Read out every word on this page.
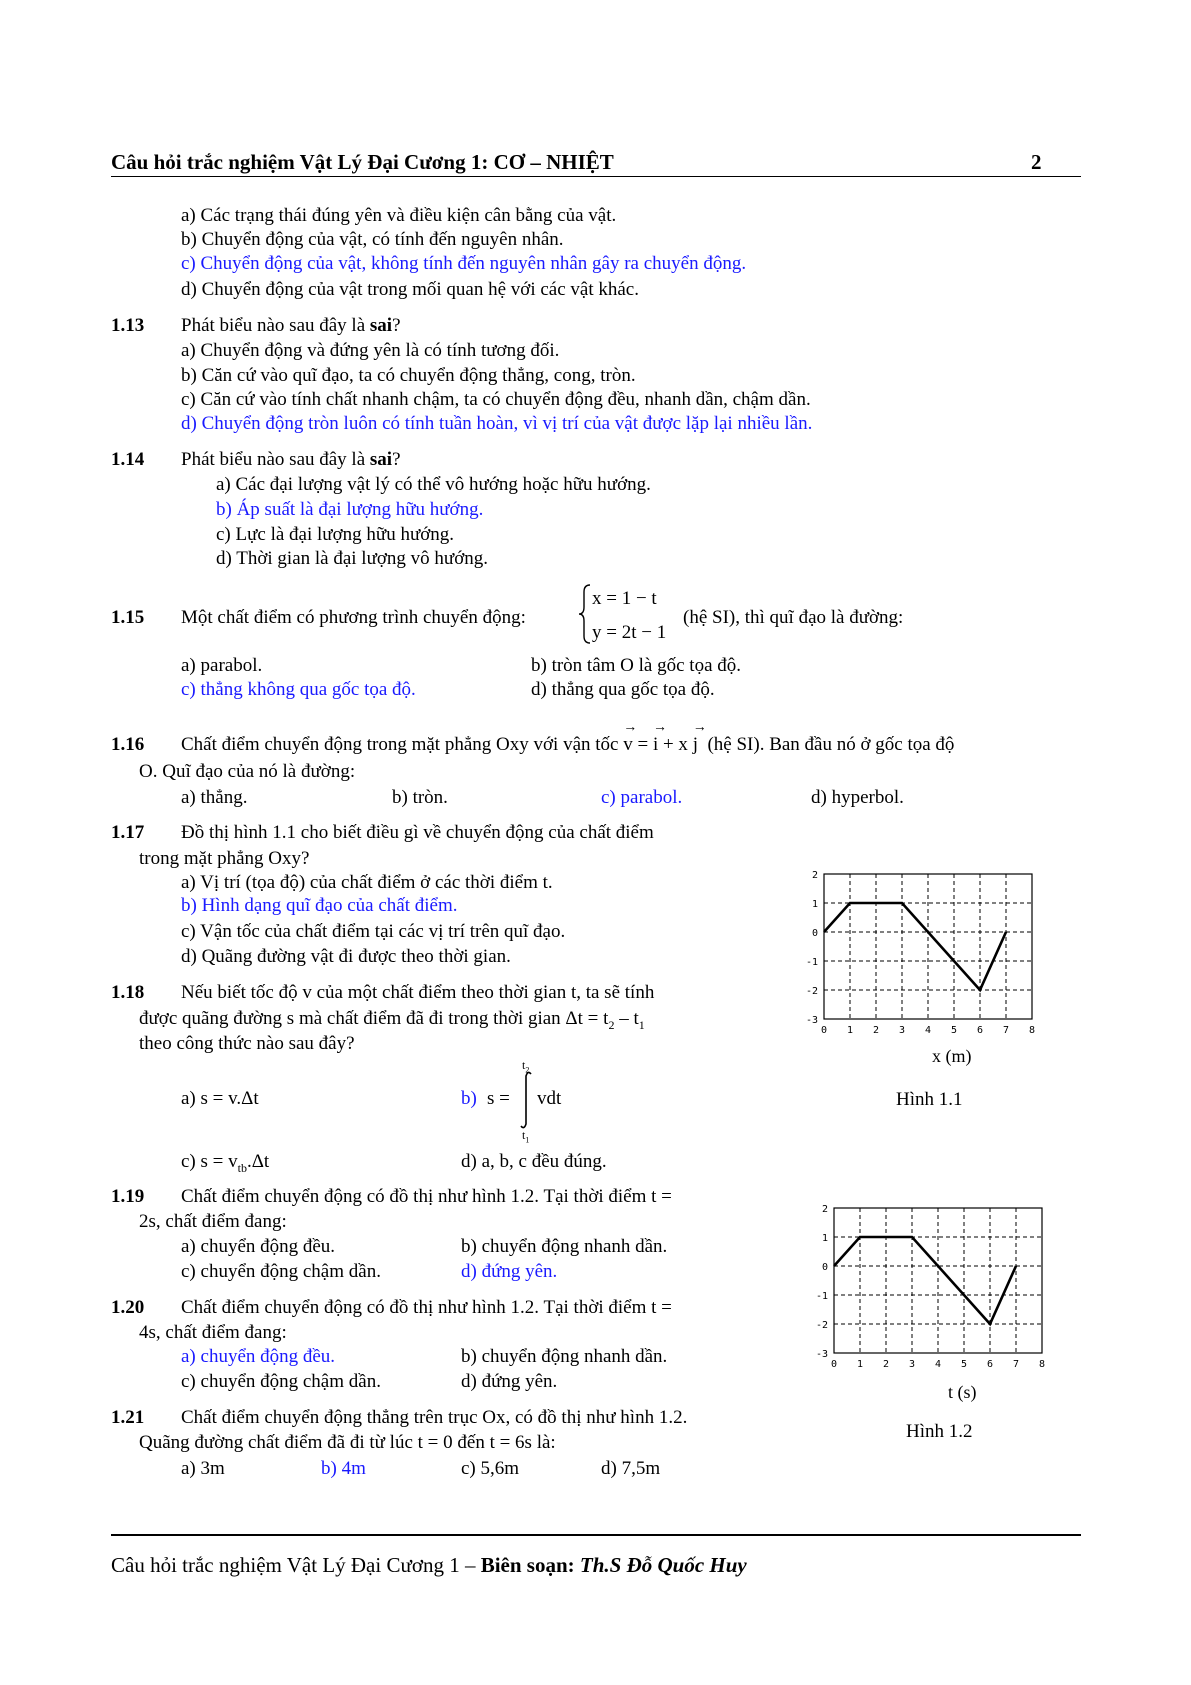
Câu hỏi trắc nghiệm Vật Lý Đại Cương 1: CƠ – NHIỆT	2
a) Các trạng thái đúng yên và điều kiện cân bằng của vật.
b) Chuyển động của vật, có tính đến nguyên nhân.
c) Chuyển động của vật, không tính đến nguyên nhân gây ra chuyển động.
d) Chuyển động của vật trong mối quan hệ với các vật khác.
1.13 Phát biểu nào sau đây là sai?
a) Chuyển động và đứng yên là có tính tương đối.
b) Căn cứ vào quĩ đạo, ta có chuyển động thẳng, cong, tròn.
c) Căn cứ vào tính chất nhanh chậm, ta có chuyển động đều, nhanh dần, chậm dần.
d) Chuyển động tròn luôn có tính tuần hoàn, vì vị trí của vật được lặp lại nhiều lần.
1.14 Phát biểu nào sau đây là sai?
a) Các đại lượng vật lý có thể vô hướng hoặc hữu hướng.
b) Áp suất là đại lượng hữu hướng.
c) Lực là đại lượng hữu hướng.
d) Thời gian là đại lượng vô hướng.
1.15 Một chất điểm có phương trình chuyển động:
x = 1 − t
y = 2t − 1
(hệ SI), thì quĩ đạo là đường:
a) parabol.	b) tròn tâm O là gốc tọa độ.
c) thẳng không qua gốc tọa độ.	d) thẳng qua gốc tọa độ.
1.16 Chất điểm chuyển động trong mặt phẳng Oxy với vận tốc → v = → i + x → j (hệ SI). Ban đầu nó ở gốc tọa độ
O. Quĩ đạo của nó là đường:
a) thẳng.	b) tròn.	c) parabol.	d) hyperbol.
1.17 Đồ thị hình 1.1 cho biết điều gì về chuyển động của chất điểm
trong mặt phẳng Oxy?
a) Vị trí (tọa độ) của chất điểm ở các thời điểm t.
b) Hình dạng quĩ đạo của chất điểm.
c) Vận tốc của chất điểm tại các vị trí trên quĩ đạo.
d) Quãng đường vật đi được theo thời gian.
1.18 Nếu biết tốc độ v của một chất điểm theo thời gian t, ta sẽ tính
được quãng đường s mà chất điểm đã đi trong thời gian $\Delta t = t_2 - t_1$
theo công thức nào sau đây?
a) s = v.Δt	b) s =
$t_2$
$t_1$
vdt
c) $s = v_{tb}.\Delta t$	d) a, b, c đều đúng.
1.19 Chất điểm chuyển động có đồ thị như hình 1.2. Tại thời điểm t =
2s, chất điểm đang:
a) chuyển động đều.	b) chuyển động nhanh dần.
c) chuyển động chậm dần.	d) đứng yên.
1.20 Chất điểm chuyển động có đồ thị như hình 1.2. Tại thời điểm t =
4s, chất điểm đang:
a) chuyển động đều.	b) chuyển động nhanh dần.
c) chuyển động chậm dần.	d) đứng yên.
1.21 Chất điểm chuyển động thẳng trên trục Ox, có đồ thị như hình 1.2.
Quãng đường chất điểm đã đi từ lúc t = 0 đến t = 6s là:
a) 3m	b) 4m	c) 5,6m	d) 7,5m
0 1 2 3 4 5 6 7 8
2
1
0
-1
-2
-3
x (m)
Hình 1.1
0 1 2 3 4 5 6 7 8
2
1
0
-1
-2
-3
t (s)
Hình 1.2
Câu hỏi trắc nghiệm Vật Lý Đại Cương 1 – Biên soạn: Th.S Đỗ Quốc Huy
